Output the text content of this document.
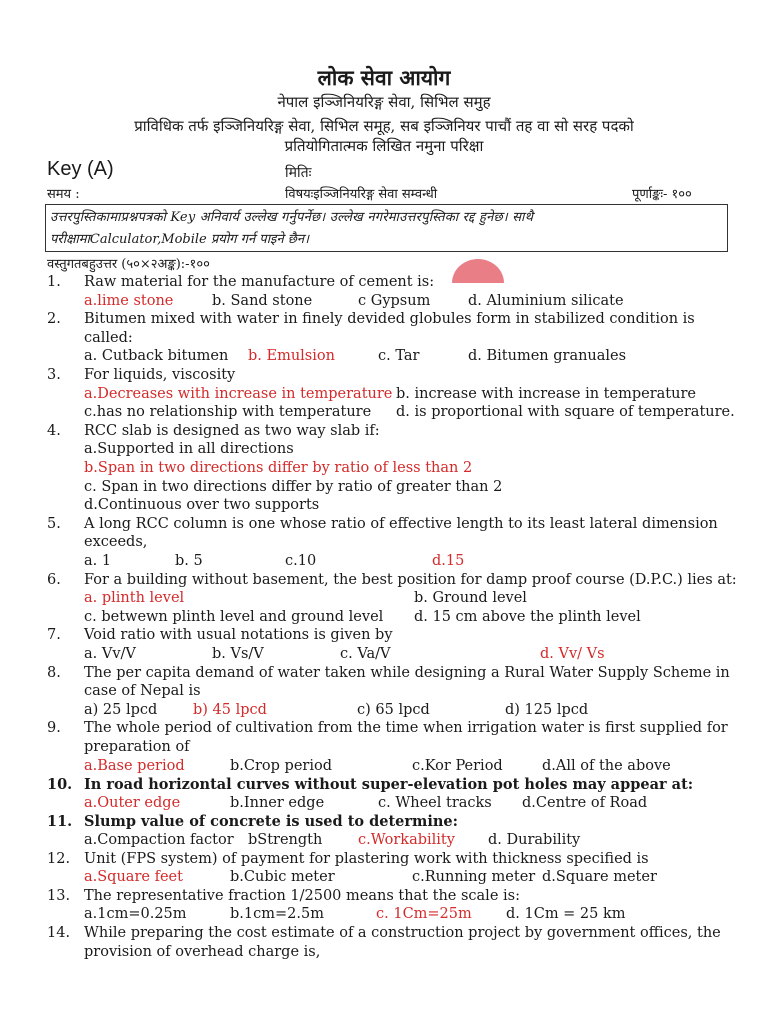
लोक सेवा आयोग
नेपाल इञ्जिनियरिङ्ग सेवा, सिभिल समुह
प्राविधिक तर्फ इञ्जिनियरिङ्ग सेवा, सिभिल समूह, सब इञ्जिनियर पाचौं तह वा सो सरह पदको
प्रतियोगितात्मक लिखित नमुना परिक्षा
Key (A)	मितिः
समय :	विषयःइञ्जिनियरिङ्ग सेवा सम्वन्धी	पूर्णाङ्कः- १००
उत्तरपुस्तिकामाप्रश्नपत्रको Key अनिवार्य उल्लेख गर्नुपर्नेछ। उल्लेख नगरेमाउत्तरपुस्तिका रद्द हुनेछ। साथै
परीक्षामाCalculator,Mobile प्रयोग गर्न पाइने छैन।
वस्तुगतबहुउत्तर (५०×२अङ्क):-१००
1. Raw material for the manufacture of cement is:
a.lime stone	b. Sand stone	c Gypsum	d. Aluminium silicate
2. Bitumen mixed with water in finely devided globules form in stabilized condition is
called:
a. Cutback bitumen b. Emulsion	c. Tar	d. Bitumen granuales
3. For liquids, viscosity
a.Decreases with increase in temperature b. increase with increase in temperature
c.has no relationship with temperature d. is proportional with square of temperature.
4. RCC slab is designed as two way slab if:
a.Supported in all directions
b.Span in two directions differ by ratio of less than 2
c. Span in two directions differ by ratio of greater than 2
d.Continuous over two supports
5. A long RCC column is one whose ratio of effective length to its least lateral dimension
exceeds,
a. 1	b. 5	c.10	d.15
6. For a building without basement, the best position for damp proof course (D.P.C.) lies at:
a. plinth level	b. Ground level
c. betwewn plinth level and ground level d. 15 cm above the plinth level
7. Void ratio with usual notations is given by
a. Vv/V	b. Vs/V	c. Va/V	d. Vv/ Vs
8. The per capita demand of water taken while designing a Rural Water Supply Scheme in
case of Nepal is
a) 25 lpcd b) 45 lpcd	c) 65 lpcd	d) 125 lpcd
9. The whole period of cultivation from the time when irrigation water is first supplied for
preparation of
a.Base period	b.Crop period	c.Kor Period	d.All of the above
10. In road horizontal curves without super-elevation pot holes may appear at:
a.Outer edge	b.Inner edge	c. Wheel tracks d.Centre of Road
11. Slump value of concrete is used to determine:
a.Compaction factor bStrength c.Workability d. Durability
12. Unit (FPS system) of payment for plastering work with thickness specified is
a.Square feet	b.Cubic meter	c.Running meter d.Square meter
13. The representative fraction 1/2500 means that the scale is:
a.1cm=0.25m	b.1cm=2.5m	c. 1Cm=25m d. 1Cm = 25 km
14. While preparing the cost estimate of a construction project by government offices, the
provision of overhead charge is,
